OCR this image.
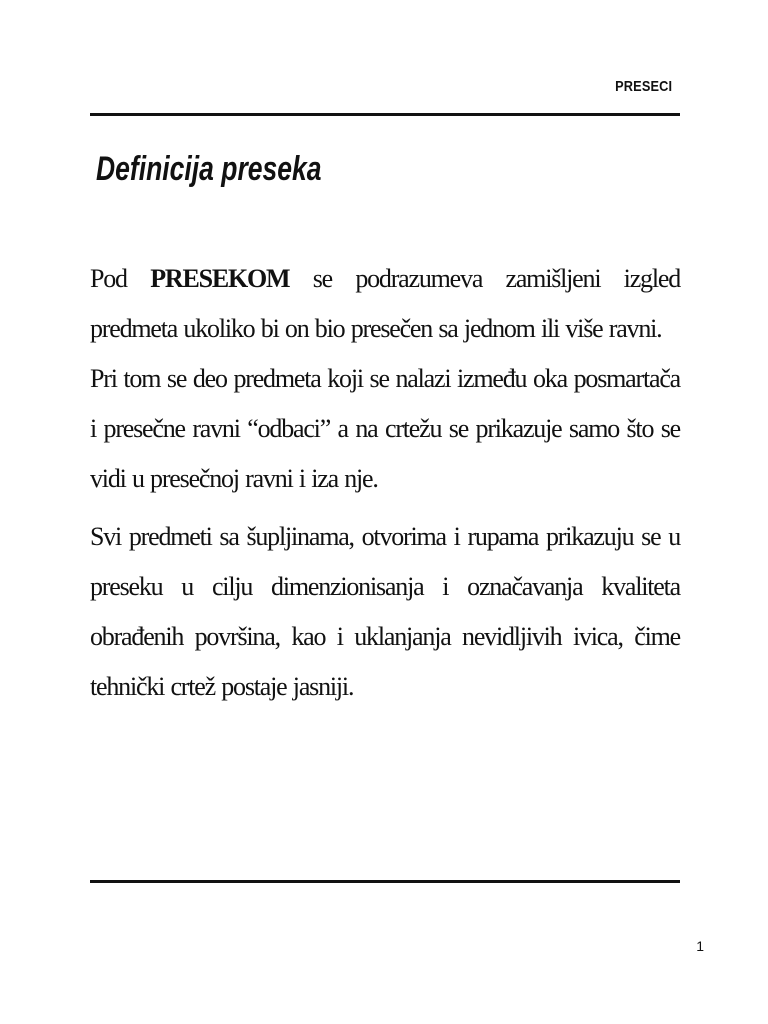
PRESECI
Definicija preseka

Pod PRESEKOM se podrazumeva zamišljeni izgled predmeta ukoliko bi on bio presečen sa jednom ili više ravni.

Pri tom se deo predmeta koji se nalazi između oka posmartača i presečne ravni “odbaci” a na crtežu se prikazuje samo što se vidi u presečnoj ravni i iza nje.

Svi predmeti sa šupljinama, otvorima i rupama prikazuju se u preseku u cilju dimenzionisanja i označavanja kvaliteta obrađenih površina, kao i uklanjanja nevidljivih ivica, čime tehnički crtež postaje jasniji.

1
